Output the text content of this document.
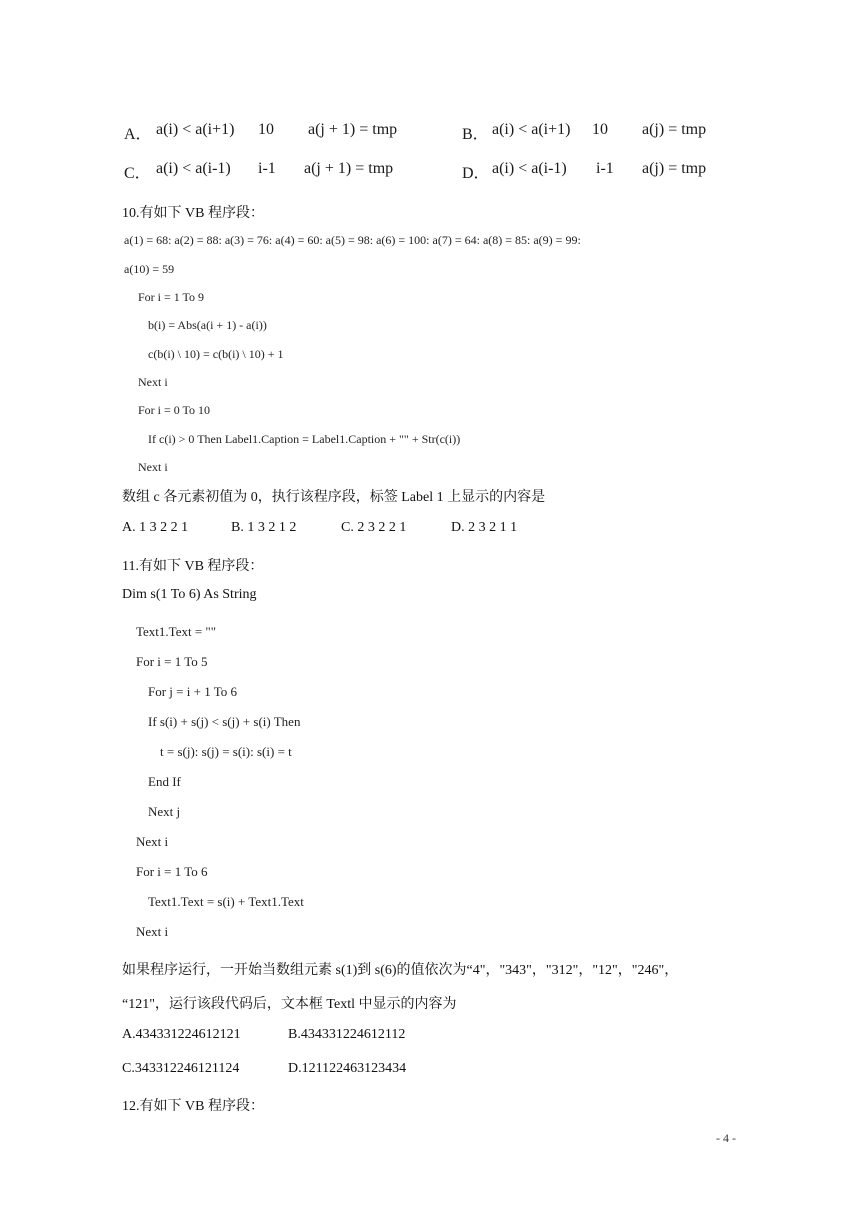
A． a(i) < a(i+1) 10 a(j + 1) = tmp	B． a(i) < a(i+1) 10 a(j) = tmp
C． a(i) < a(i-1) i-1 a(j + 1) = tmp	D． a(i) < a(i-1) i-1 a(j) = tmp
10.有如下 VB 程序段：
a(1) = 68: a(2) = 88: a(3) = 76: a(4) = 60: a(5) = 98: a(6) = 100: a(7) = 64: a(8) = 85: a(9) = 99:
a(10) = 59
For i = 1 To 9
b(i) = Abs(a(i + 1) - a(i))
c(b(i) \ 10) = c(b(i) \ 10) + 1
Next i
For i = 0 To 10
If c(i) > 0 Then Label1.Caption = Label1.Caption + "" + Str(c(i))
Next i
数组 c 各元素初值为 0，执行该程序段，标签 Label 1 上显示的内容是
A. 1 3 2 2 1	B. 1 3 2 1 2	C. 2 3 2 2 1	D. 2 3 2 1 1
11.有如下 VB 程序段：
Dim s(1 To 6) As String
Text1.Text = ""
For i = 1 To 5
For j = i + 1 To 6
If s(i) + s(j) < s(j) + s(i) Then
t = s(j): s(j) = s(i): s(i) = t
End If
Next j
Next i
For i = 1 To 6
Text1.Text = s(i) + Text1.Text
Next i
如果程序运行，一开始当数组元素 s(1)到 s(6)的值依次为“4"，"343"，"312"，"12"，"246"，
“121"，运行该段代码后，文本框 Textl 中显示的内容为
A.434331224612121	B.434331224612112
C.343312246121124	D.121122463123434
12.有如下 VB 程序段：
- 4 -
